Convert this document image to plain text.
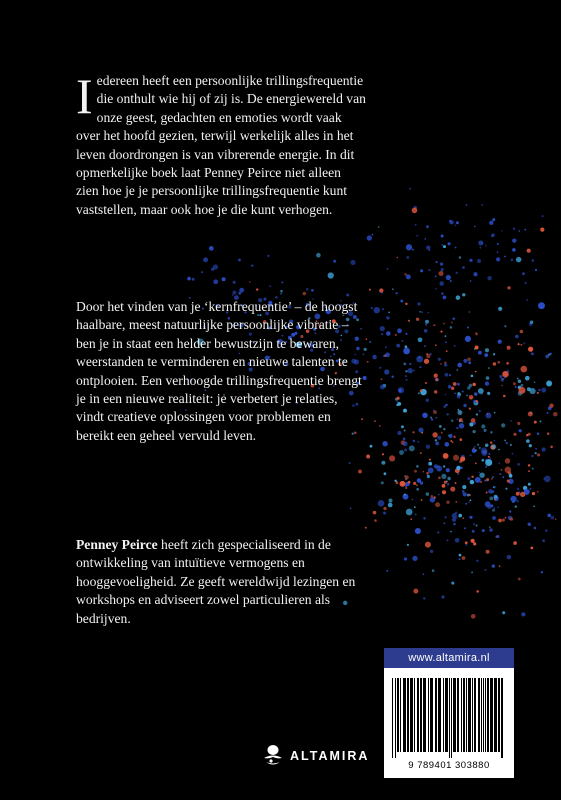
Iedereen heeft een persoonlijke trillingsfrequentie die onthult wie hij of zij is. De energiewereld van onze geest, gedachten en emoties wordt vaak over het hoofd gezien, terwijl werkelijk alles in het leven doordrongen is van vibrerende energie. In dit opmerkelijke boek laat Penney Peirce niet alleen zien hoe je je persoonlijke trillingsfrequentie kunt vaststellen, maar ook hoe je die kunt verhogen.

Door het vinden van je ‘kernfrequentie’ – de hoogst haalbare, meest natuurlijke persoonlijke vibratie – ben je in staat een helder bewustzijn te bewaren, weerstanden te verminderen en nieuwe talenten te ontplooien. Een verhoogde trillingsfrequentie brengt je in een nieuwe realiteit: je verbetert je relaties, vindt creatieve oplossingen voor problemen en bereikt een geheel vervuld leven.

Penney Peirce heeft zich gespecialiseerd in de ontwikkeling van intuïtieve vermogens en hooggevoeligheid. Ze geeft wereldwijd lezingen en workshops en adviseert zowel particulieren als bedrijven.
www.altamira.nl
9 789401 303880
ALTAMIRA
